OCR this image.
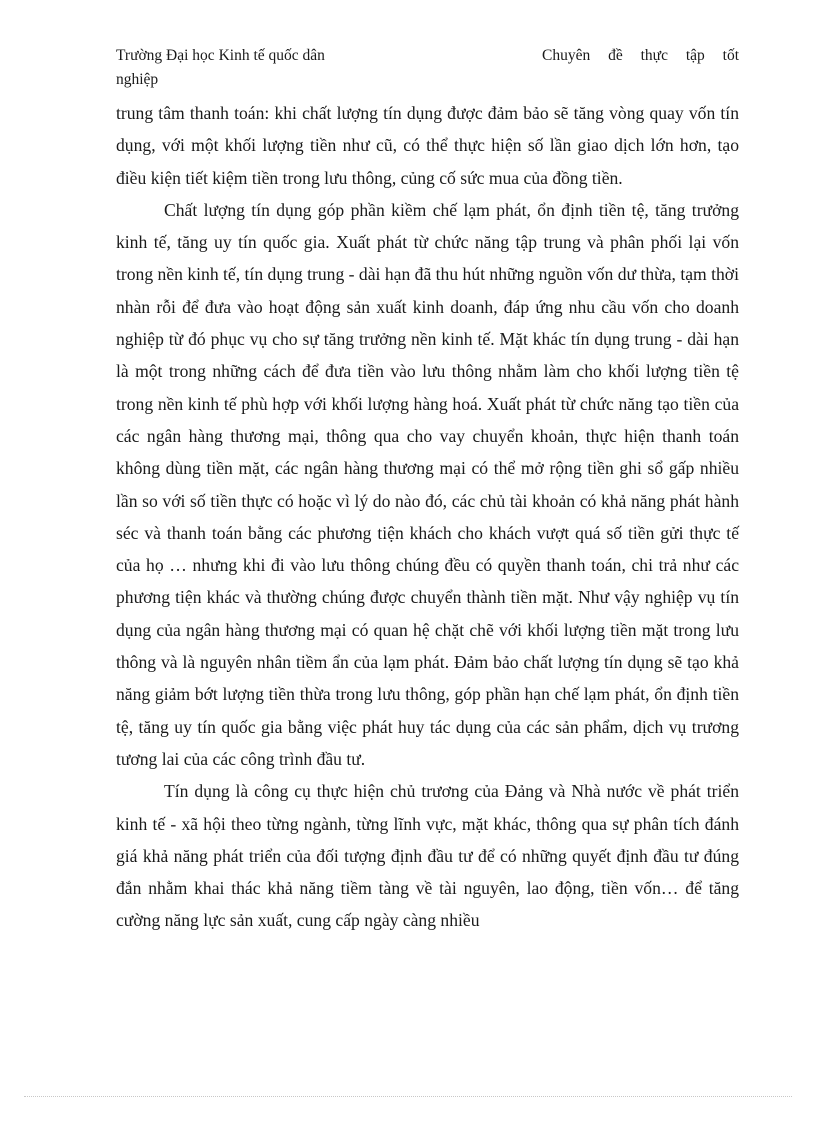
Trường Đại học Kinh tế quốc dân	Chuyên đề thực tập tốt
nghiệp

trung tâm thanh toán: khi chất lượng tín dụng được đảm bảo sẽ tăng vòng quay vốn tín dụng, với một khối lượng tiền như cũ, có thể thực hiện số lần giao dịch lớn hơn, tạo điều kiện tiết kiệm tiền trong lưu thông, củng cố sức mua của đồng tiền.

Chất lượng tín dụng góp phần kiềm chế lạm phát, ổn định tiền tệ, tăng trưởng kinh tế, tăng uy tín quốc gia. Xuất phát từ chức năng tập trung và phân phối lại vốn trong nền kinh tế, tín dụng trung - dài hạn đã thu hút những nguồn vốn dư thừa, tạm thời nhàn rỗi để đưa vào hoạt động sản xuất kinh doanh, đáp ứng nhu cầu vốn cho doanh nghiệp từ đó phục vụ cho sự tăng trưởng nền kinh tế. Mặt khác tín dụng trung - dài hạn là một trong những cách để đưa tiền vào lưu thông nhằm làm cho khối lượng tiền tệ trong nền kinh tế phù hợp với khối lượng hàng hoá. Xuất phát từ chức năng tạo tiền của các ngân hàng thương mại, thông qua cho vay chuyển khoản, thực hiện thanh toán không dùng tiền mặt, các ngân hàng thương mại có thể mở rộng tiền ghi sổ gấp nhiều lần so với số tiền thực có hoặc vì lý do nào đó, các chủ tài khoản có khả năng phát hành séc và thanh toán bằng các phương tiện khách cho khách vượt quá số tiền gửi thực tế của họ … nhưng khi đi vào lưu thông chúng đều có quyền thanh toán, chi trả như các phương tiện khác và thường chúng được chuyển thành tiền mặt. Như vậy nghiệp vụ tín dụng của ngân hàng thương mại có quan hệ chặt chẽ với khối lượng tiền mặt trong lưu thông và là nguyên nhân tiềm ẩn của lạm phát. Đảm bảo chất lượng tín dụng sẽ tạo khả năng giảm bớt lượng tiền thừa trong lưu thông, góp phần hạn chế lạm phát, ổn định tiền tệ, tăng uy tín quốc gia bằng việc phát huy tác dụng của các sản phẩm, dịch vụ trương tương lai của các công trình đầu tư.

Tín dụng là công cụ thực hiện chủ trương của Đảng và Nhà nước về phát triển kinh tế - xã hội theo từng ngành, từng lĩnh vực, mặt khác, thông qua sự phân tích đánh giá khả năng phát triển của đối tượng định đầu tư để có những quyết định đầu tư đúng đắn nhằm khai thác khả năng tiềm tàng về tài nguyên, lao động, tiền vốn… để tăng cường năng lực sản xuất, cung cấp ngày càng nhiều
